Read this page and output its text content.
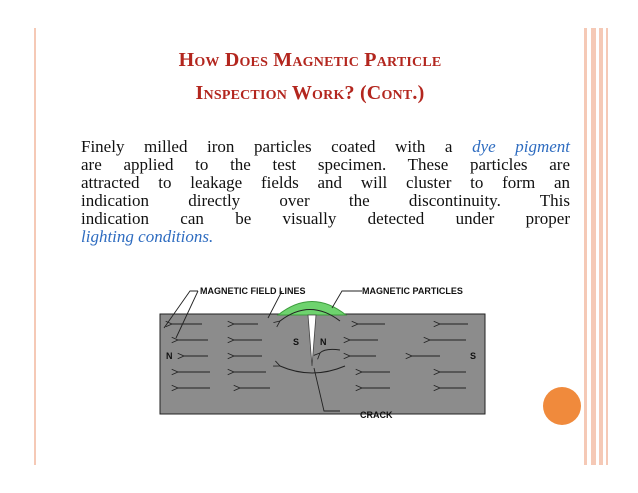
How Does Magnetic Particle
Inspection Work? (Cont.)
Finely milled iron particles coated with a dye pigment
are applied to the test specimen. These particles are
attracted to leakage fields and will cluster to form an
indication directly over the discontinuity. This
indication can be visually detected under proper
lighting conditions.
MAGNETIC FIELD LINES	MAGNETIC PARTICLES
CRACK
N	S
S N
